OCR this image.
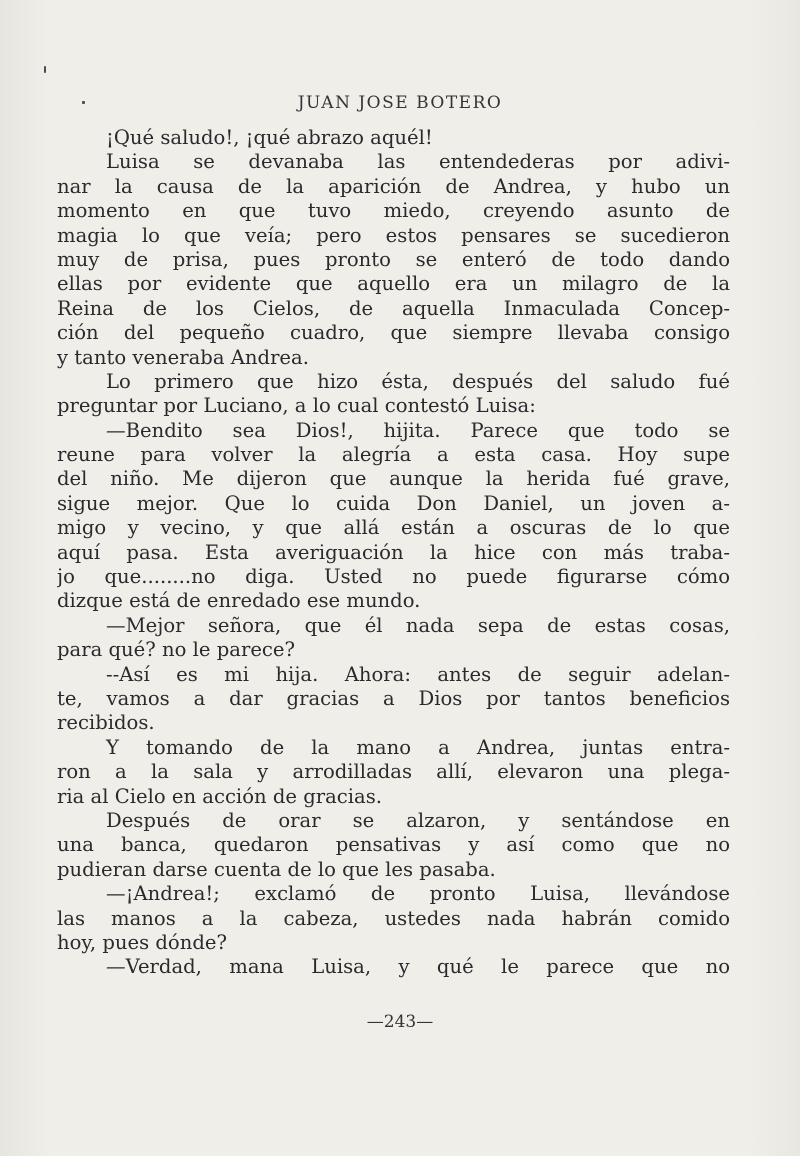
JUAN JOSE BOTERO
¡Qué saludo!, ¡qué abrazo aquél!
Luisa se devanaba las entendederas por adivi-
nar la causa de la aparición de Andrea, y hubo un
momento en que tuvo miedo, creyendo asunto de
magia lo que veía; pero estos pensares se sucedieron
muy de prisa, pues pronto se enteró de todo dando
ellas por evidente que aquello era un milagro de la
Reina de los Cielos, de aquella Inmaculada Concep-
ción del pequeño cuadro, que siempre llevaba consigo
y tanto veneraba Andrea.
Lo primero que hizo ésta, después del saludo fué
preguntar por Luciano, a lo cual contestó Luisa:
—Bendito sea Dios!, hijita. Parece que todo se
reune para volver la alegría a esta casa. Hoy supe
del niño. Me dijeron que aunque la herida fué grave,
sigue mejor. Que lo cuida Don Daniel, un joven a-
migo y vecino, y que allá están a oscuras de lo que
aquí pasa. Esta averiguación la hice con más traba-
jo que........no diga. Usted no puede figurarse cómo
dizque está de enredado ese mundo.
—Mejor señora, que él nada sepa de estas cosas,
para qué? no le parece?
--Así es mi hija. Ahora: antes de seguir adelan-
te, vamos a dar gracias a Dios por tantos beneficios
recibidos.
Y tomando de la mano a Andrea, juntas entra-
ron a la sala y arrodilladas allí, elevaron una plega-
ria al Cielo en acción de gracias.
Después de orar se alzaron, y sentándose en
una banca, quedaron pensativas y así como que no
pudieran darse cuenta de lo que les pasaba.
—¡Andrea!; exclamó de pronto Luisa, llevándose
las manos a la cabeza, ustedes nada habrán comido
hoy, pues dónde?
—Verdad, mana Luisa, y qué le parece que no
—243—
